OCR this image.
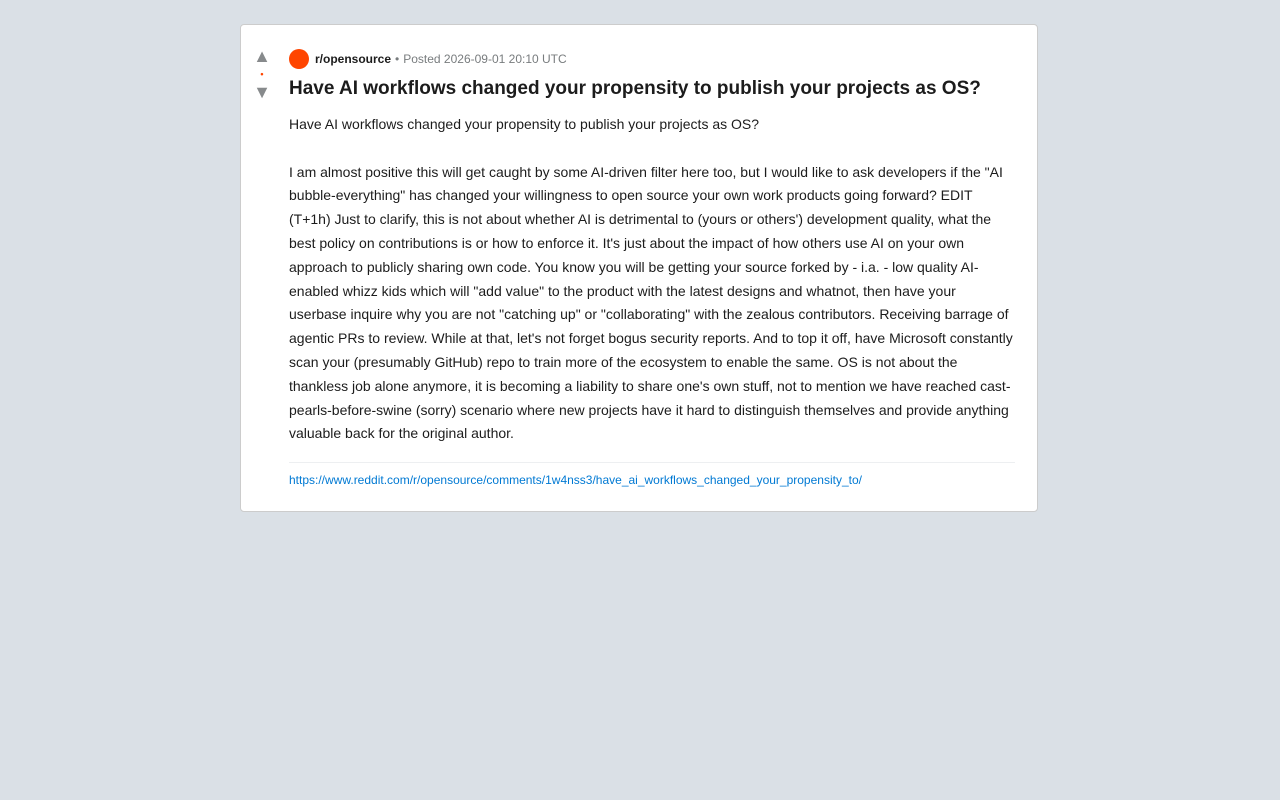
▲
•
▼
r/opensource • Posted 2026-09-01 20:10 UTC
Have AI workflows changed your propensity to publish your projects as OS?

Have AI workflows changed your propensity to publish your projects as OS?

I am almost positive this will get caught by some AI-driven filter here too, but I would like to ask developers if the "AI bubble-everything" has changed your willingness to open source your own work products going forward? EDIT (T+1h) Just to clarify, this is not about whether AI is detrimental to (yours or others') development quality, what the best policy on contributions is or how to enforce it. It's just about the impact of how others use AI on your own approach to publicly sharing own code. You know you will be getting your source forked by - i.a. - low quality AI-enabled whizz kids which will "add value" to the product with the latest designs and whatnot, then have your userbase inquire why you are not "catching up" or "collaborating" with the zealous contributors. Receiving barrage of agentic PRs to review. While at that, let's not forget bogus security reports. And to top it off, have Microsoft constantly scan your (presumably GitHub) repo to train more of the ecosystem to enable the same. OS is not about the thankless job alone anymore, it is becoming a liability to share one's own stuff, not to mention we have reached cast-pearls-before-swine (sorry) scenario where new projects have it hard to distinguish themselves and provide anything valuable back for the original author.

https://www.reddit.com/r/opensource/comments/1w4nss3/have_ai_workflows_changed_your_propensity_to/
